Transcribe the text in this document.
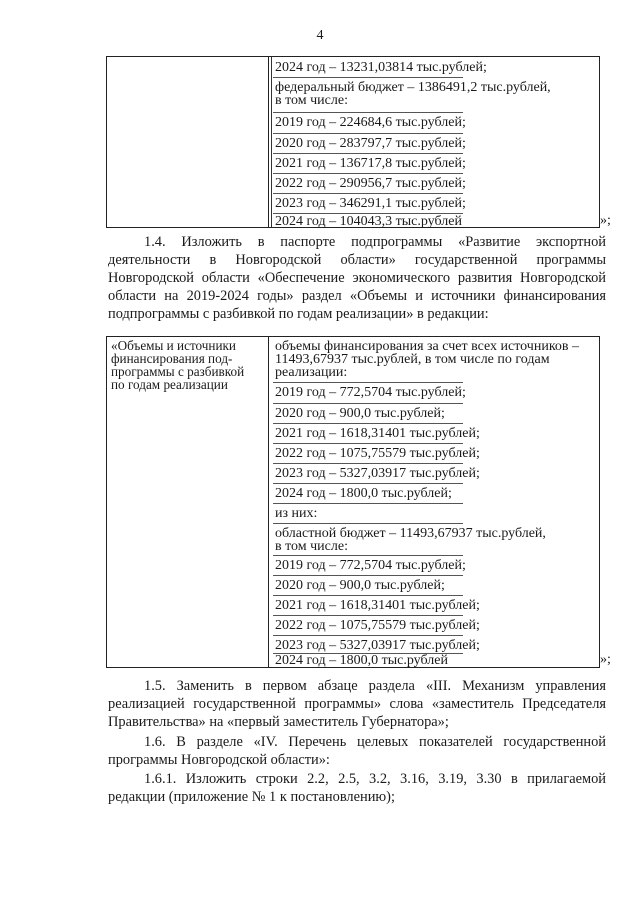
4
2024 год – 13231,03814 тыс.рублей;
федеральный бюджет – 1386491,2 тыс.рублей,
в том числе:
2019 год – 224684,6 тыс.рублей;
2020 год – 283797,7 тыс.рублей;
2021 год – 136717,8 тыс.рублей;
2022 год – 290956,7 тыс.рублей;
2023 год – 346291,1 тыс.рублей;
2024 год – 104043,3 тыс.рублей	»;
1.4. Изложить в паспорте подпрограммы «Развитие экспортной деятельности в Новгородской области» государственной программы Новгородской области «Обеспечение экономического развития Новгородской области на 2019-2024 годы» раздел «Объемы и источники финансирования подпрограммы с разбивкой по годам реализации» в редакции:
«Объемы и источники
финансирования под-
программы с разбивкой
по годам реализации
объемы финансирования за счет всех источников –
11493,67937 тыс.рублей, в том числе по годам
реализации:
2019 год – 772,5704 тыс.рублей;
2020 год – 900,0 тыс.рублей;
2021 год – 1618,31401 тыс.рублей;
2022 год – 1075,75579 тыс.рублей;
2023 год – 5327,03917 тыс.рублей;
2024 год – 1800,0 тыс.рублей;
из них:
областной бюджет – 11493,67937 тыс.рублей,
в том числе:
2019 год – 772,5704 тыс.рублей;
2020 год – 900,0 тыс.рублей;
2021 год – 1618,31401 тыс.рублей;
2022 год – 1075,75579 тыс.рублей;
2023 год – 5327,03917 тыс.рублей;
2024 год – 1800,0 тыс.рублей	»;
1.5. Заменить в первом абзаце раздела «III. Механизм управления реализацией государственной программы» слова «заместитель Председателя Правительства» на «первый заместитель Губернатора»;
1.6. В разделе «IV. Перечень целевых показателей государственной программы Новгородской области»:
1.6.1. Изложить строки 2.2, 2.5, 3.2, 3.16, 3.19, 3.30 в прилагаемой редакции (приложение № 1 к постановлению);
